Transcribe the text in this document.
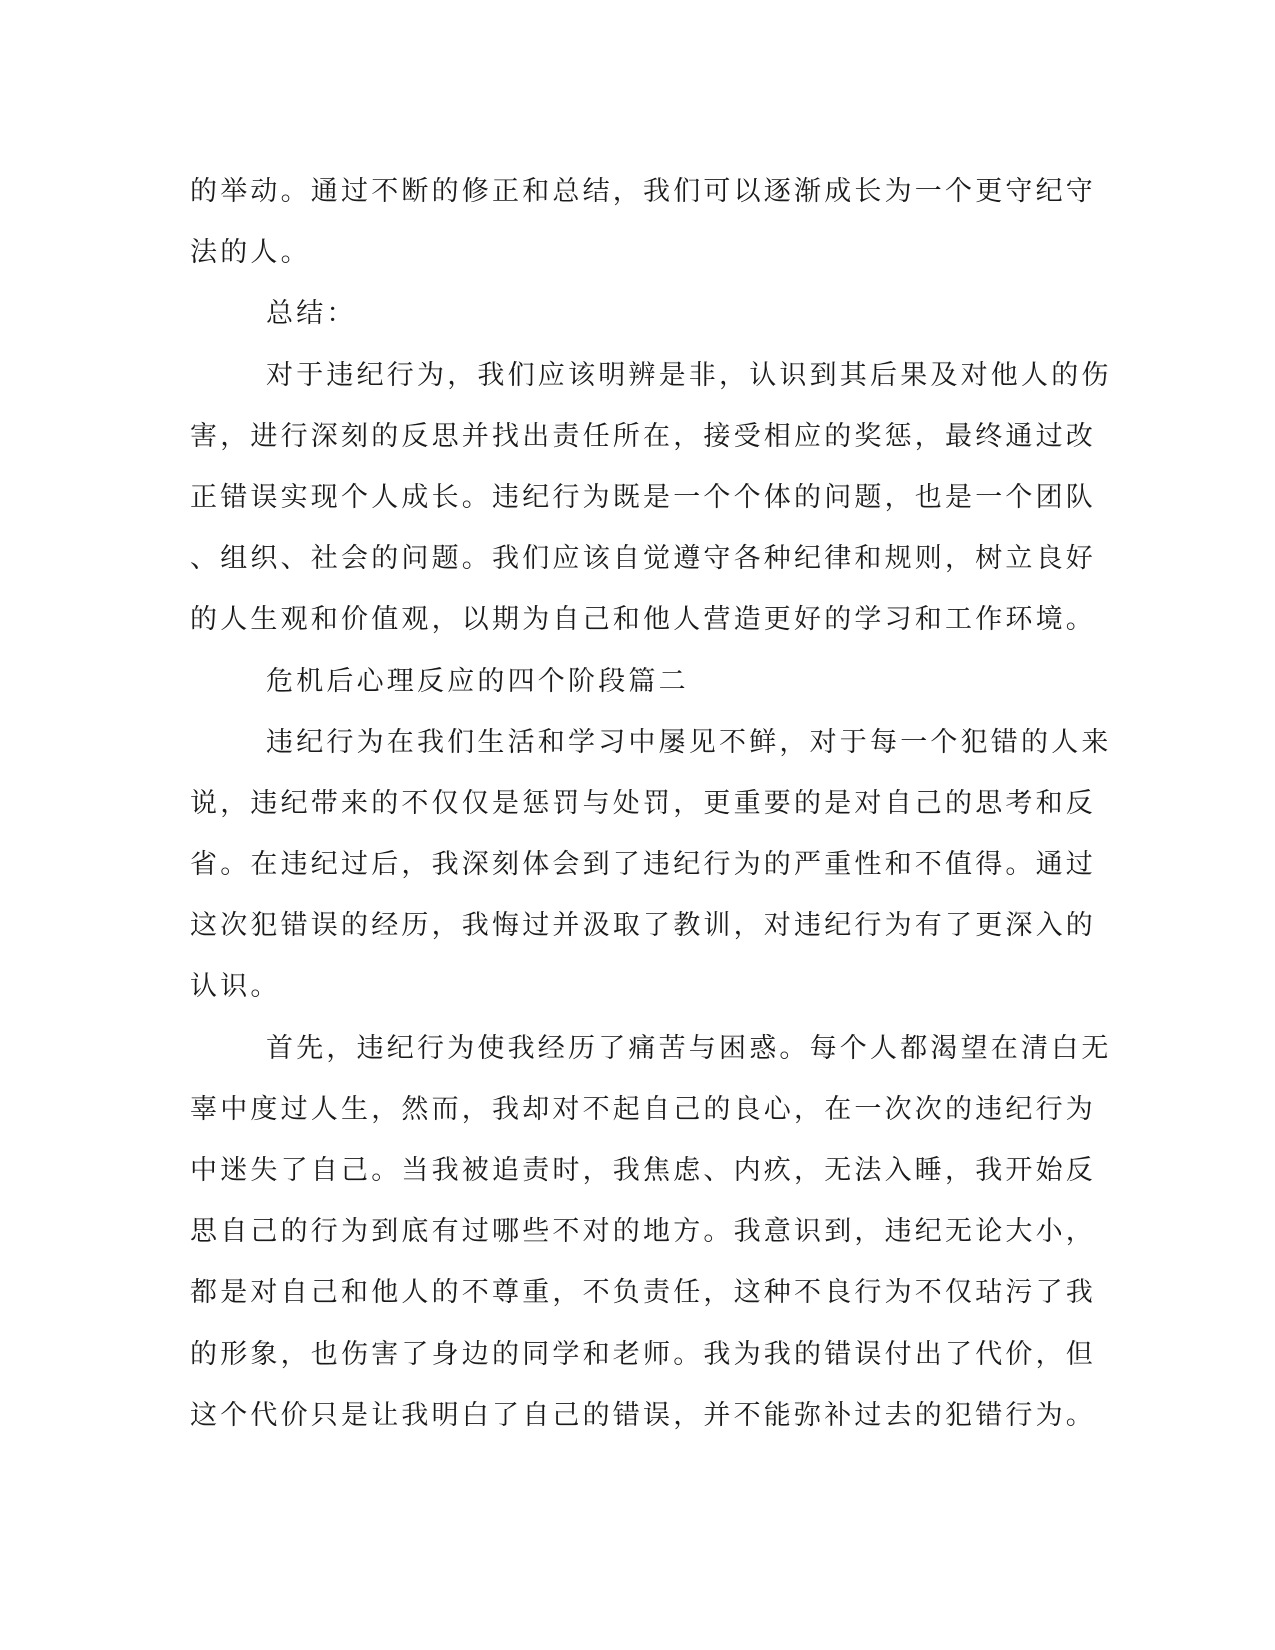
的举动。通过不断的修正和总结，我们可以逐渐成长为一个更守纪守
法的人。
总结：
对于违纪行为，我们应该明辨是非，认识到其后果及对他人的伤
害，进行深刻的反思并找出责任所在，接受相应的奖惩，最终通过改
正错误实现个人成长。违纪行为既是一个个体的问题，也是一个团队
、组织、社会的问题。我们应该自觉遵守各种纪律和规则，树立良好
的人生观和价值观，以期为自己和他人营造更好的学习和工作环境。
危机后心理反应的四个阶段篇二
违纪行为在我们生活和学习中屡见不鲜，对于每一个犯错的人来
说，违纪带来的不仅仅是惩罚与处罚，更重要的是对自己的思考和反
省。在违纪过后，我深刻体会到了违纪行为的严重性和不值得。通过
这次犯错误的经历，我悔过并汲取了教训，对违纪行为有了更深入的
认识。
首先，违纪行为使我经历了痛苦与困惑。每个人都渴望在清白无
辜中度过人生，然而，我却对不起自己的良心，在一次次的违纪行为
中迷失了自己。当我被追责时，我焦虑、内疚，无法入睡，我开始反
思自己的行为到底有过哪些不对的地方。我意识到，违纪无论大小，
都是对自己和他人的不尊重，不负责任，这种不良行为不仅玷污了我
的形象，也伤害了身边的同学和老师。我为我的错误付出了代价，但
这个代价只是让我明白了自己的错误，并不能弥补过去的犯错行为。
